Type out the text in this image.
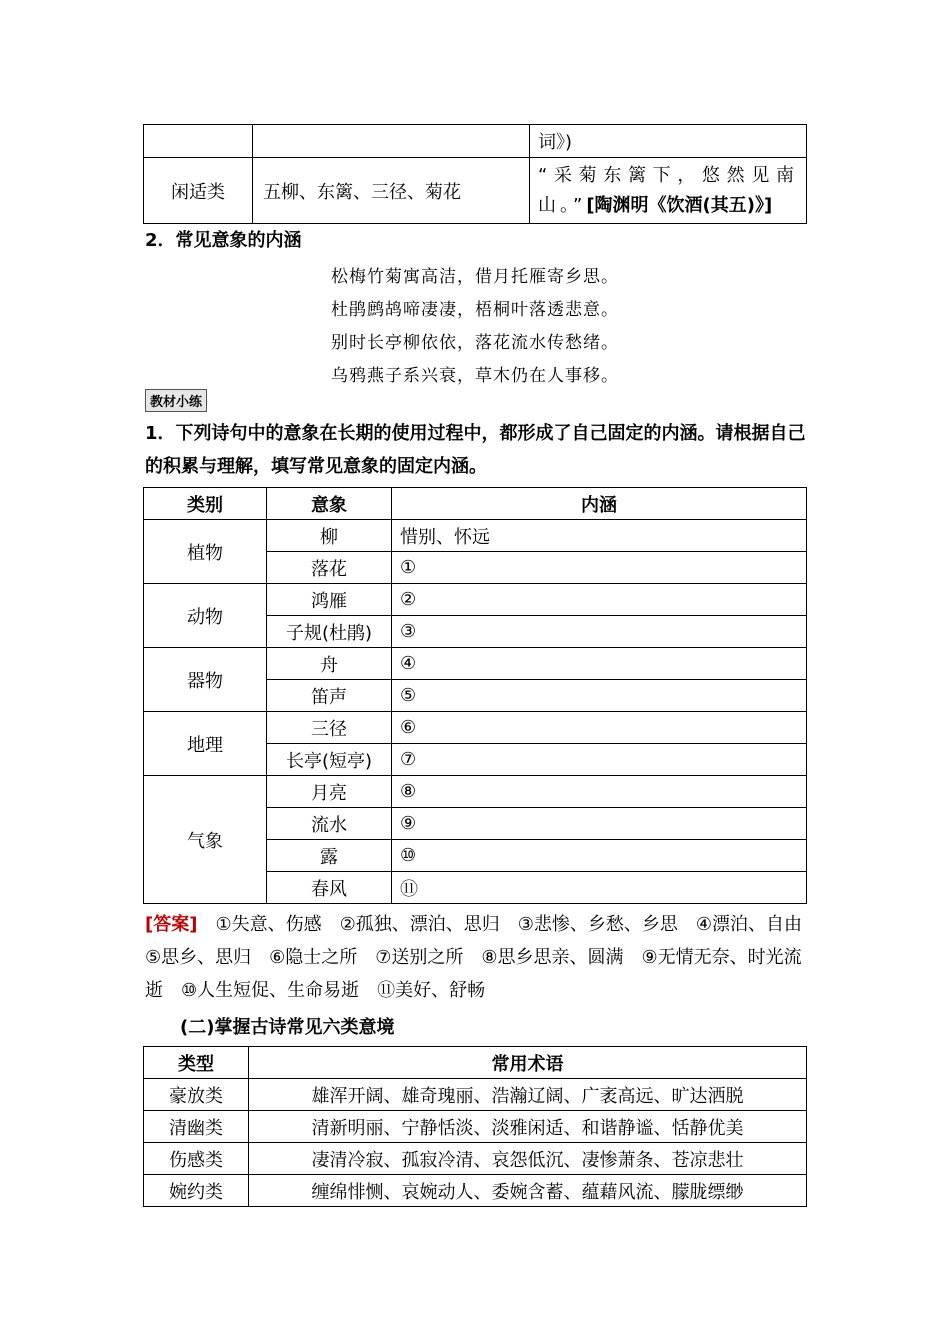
		词》)
闲适类	五柳、东篱、三径、菊花	“采菊东篱下，悠然见南山。”[陶渊明《饮酒(其五)》]
2．常见意象的内涵
松梅竹菊寓高洁，借月托雁寄乡思。
杜鹃鹧鸪啼凄凄，梧桐叶落透悲意。
别时长亭柳依依，落花流水传愁绪。
乌鸦燕子系兴衰，草木仍在人事移。
教材小练
1．下列诗句中的意象在长期的使用过程中，都形成了自己固定的内涵。请根据自己的积累与理解，填写常见意象的固定内涵。
类别	意象	内涵
植物	柳	惜别、怀远
	落花	①
动物	鸿雁	②
	子规(杜鹃)	③
器物	舟	④
	笛声	⑤
地理	三径	⑥
	长亭(短亭)	⑦
气象	月亮	⑧
	流水	⑨
	露	⑩
	春风	⑪
[答案]　 ①失意、伤感　②孤独、漂泊、思归　③悲惨、乡愁、乡思　④漂泊、自由　⑤思乡、思归　⑥隐士之所　⑦送别之所　⑧思乡思亲、圆满　⑨无情无奈、时光流逝　⑩人生短促、生命易逝　⑪美好、舒畅
(二)掌握古诗常见六类意境
类型	常用术语
豪放类	雄浑开阔、雄奇瑰丽、浩瀚辽阔、广袤高远、旷达洒脱
清幽类	清新明丽、宁静恬淡、淡雅闲适、和谐静谧、恬静优美
伤感类	凄清冷寂、孤寂冷清、哀怨低沉、凄惨萧条、苍凉悲壮
婉约类	缠绵悱恻、哀婉动人、委婉含蓄、蕴藉风流、朦胧缥缈
